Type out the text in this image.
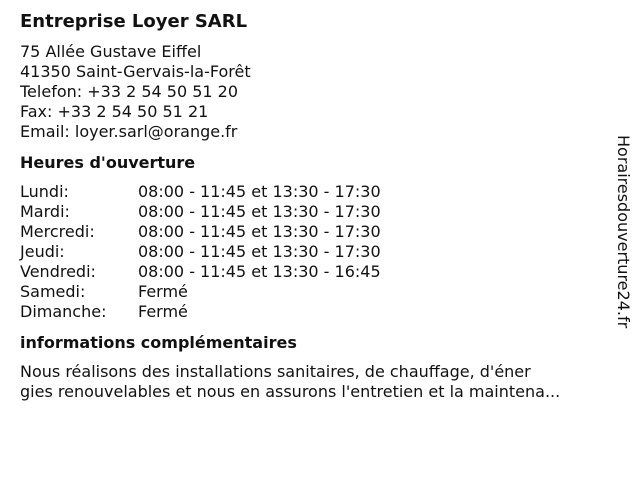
Entreprise Loyer SARL
75 Allée Gustave Eiffel
41350 Saint-Gervais-la-Forêt
Telefon: +33 2 54 50 51 20
Fax: +33 2 54 50 51 21
Email: loyer.sarl@orange.fr
Heures d'ouverture
Lundi:	08:00 - 11:45 et 13:30 - 17:30
Mardi:	08:00 - 11:45 et 13:30 - 17:30
Mercredi:	08:00 - 11:45 et 13:30 - 17:30
Jeudi:	08:00 - 11:45 et 13:30 - 17:30
Vendredi:	08:00 - 11:45 et 13:30 - 16:45
Samedi:	Fermé
Dimanche:	Fermé
informations complémentaires
Nous réalisons des installations sanitaires, de chauffage, d'éner
gies renouvelables et nous en assurons l'entretien et la maintena...
Horairesdouverture24.fr
